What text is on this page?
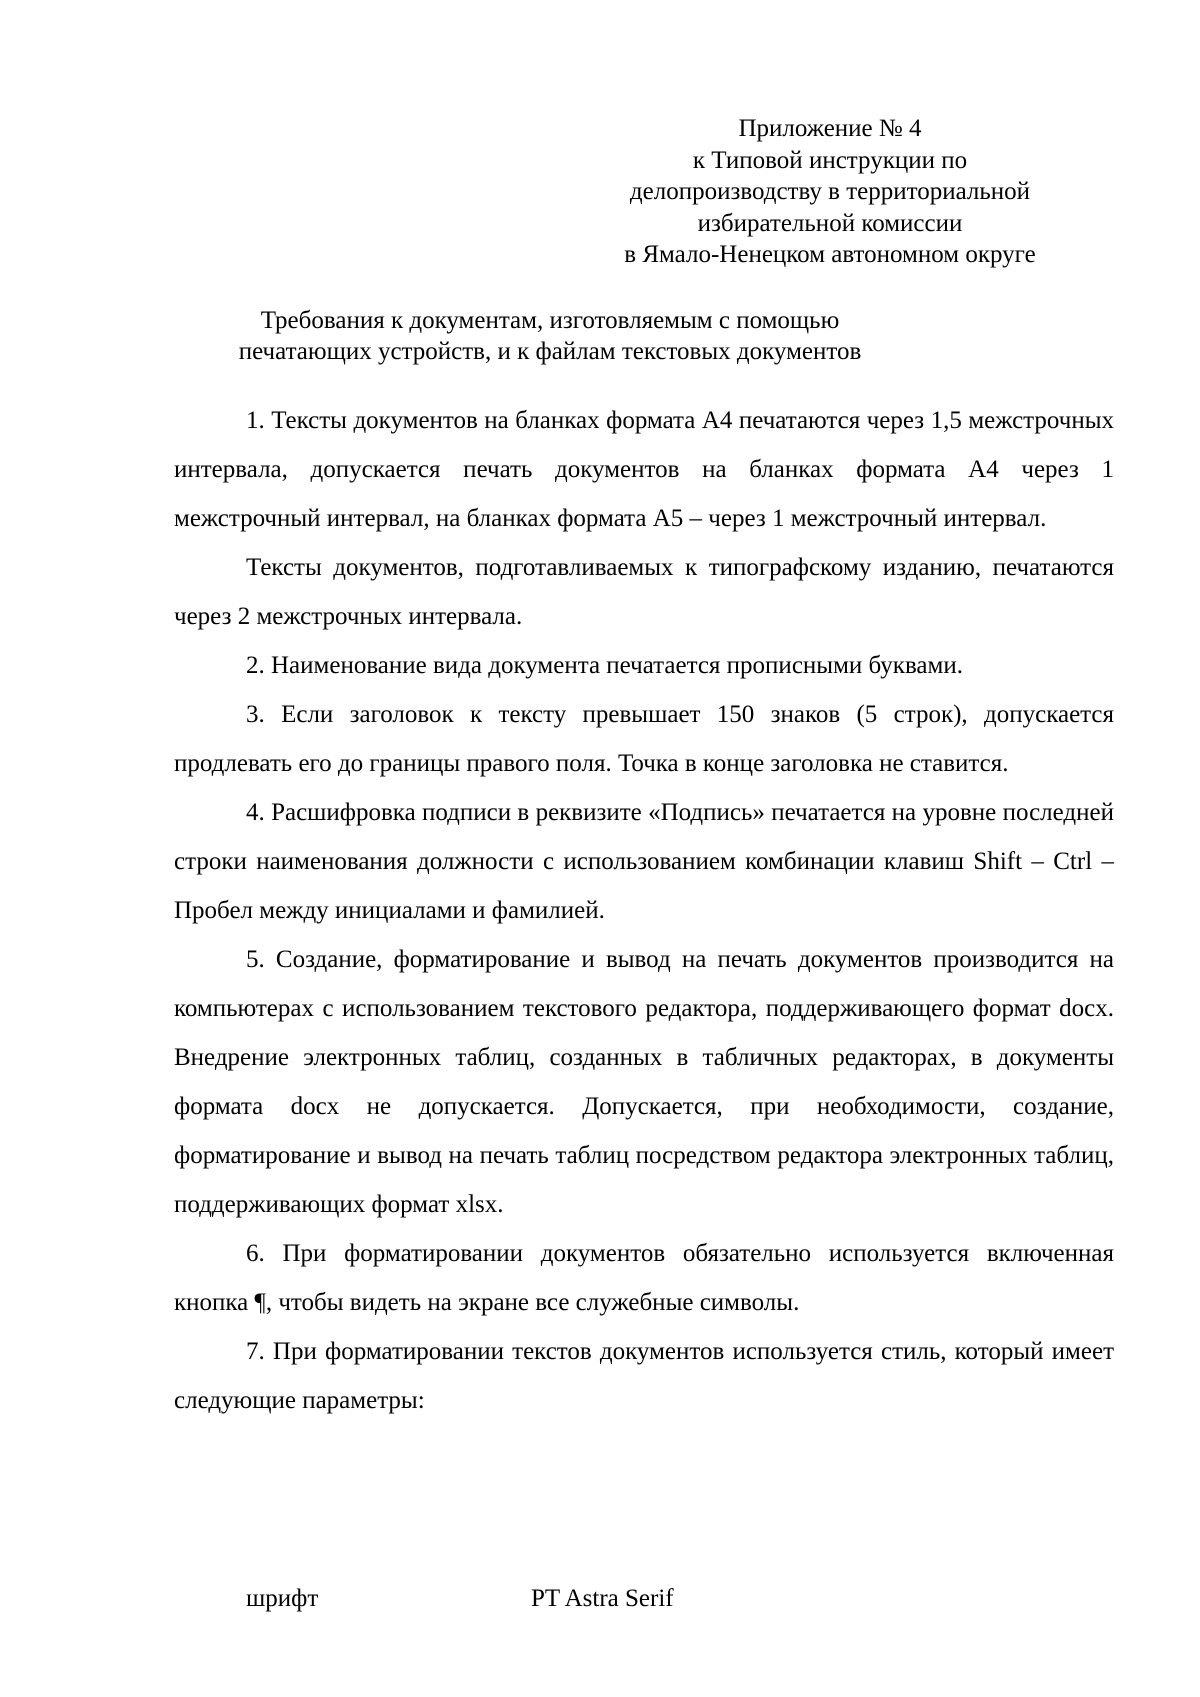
Приложение № 4
к Типовой инструкции по
делопроизводству в территориальной
избирательной комиссии
в Ямало-Ненецком автономном округе
Требования к документам, изготовляемым с помощью
печатающих устройств, и к файлам текстовых документов

1. Тексты документов на бланках формата А4 печатаются через 1,5 межстрочных интервала, допускается печать документов на бланках формата А4 через 1 межстрочный интервал, на бланках формата А5 – через 1 межстрочный интервал.

Тексты документов, подготавливаемых к типографскому изданию, печатаются через 2 межстрочных интервала.

2. Наименование вида документа печатается прописными буквами.

3. Если заголовок к тексту превышает 150 знаков (5 строк), допускается продлевать его до границы правого поля. Точка в конце заголовка не ставится.

4. Расшифровка подписи в реквизите «Подпись» печатается на уровне последней строки наименования должности с использованием комбинации клавиш Shift – Ctrl – Пробел между инициалами и фамилией.

5. Создание, форматирование и вывод на печать документов производится на компьютерах с использованием текстового редактора, поддерживающего формат docx. Внедрение электронных таблиц, созданных в табличных редакторах, в документы формата docx не допускается. Допускается, при необходимости, создание, форматирование и вывод на печать таблиц посредством редактора электронных таблиц, поддерживающих формат xlsx.

6. При форматировании документов обязательно используется включенная кнопка ¶, чтобы видеть на экране все служебные символы.

7. При форматировании текстов документов используется стиль, который имеет следующие параметры:

шрифт	PT Astra Serif
